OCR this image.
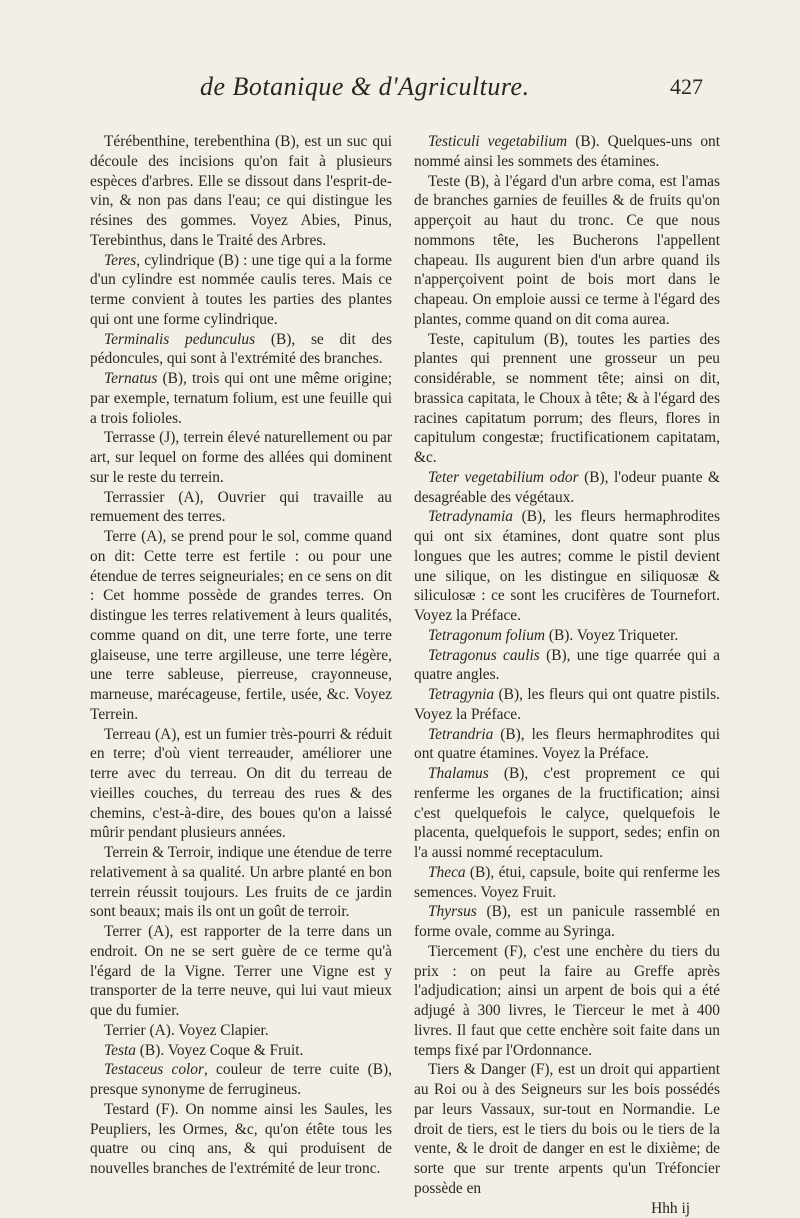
de Botanique & d'Agriculture.	427

Térébenthine, terebenthina (B), est un suc qui découle des incisions qu'on fait à plusieurs espèces d'arbres. Elle se dissout dans l'esprit-de-vin, & non pas dans l'eau; ce qui distingue les résines des gommes. Voyez Abies, Pinus, Terebinthus, dans le Traité des Arbres.

Teres, cylindrique (B) : une tige qui a la forme d'un cylindre est nommée caulis teres. Mais ce terme convient à toutes les parties des plantes qui ont une forme cylindrique.

Terminalis pedunculus (B), se dit des pédoncules, qui sont à l'extrémité des branches.

Ternatus (B), trois qui ont une même origine; par exemple, ternatum folium, est une feuille qui a trois folioles.

Terrasse (J), terrein élevé naturellement ou par art, sur lequel on forme des allées qui dominent sur le reste du terrein.

Terrassier (A), Ouvrier qui travaille au remuement des terres.

Terre (A), se prend pour le sol, comme quand on dit: Cette terre est fertile : ou pour une étendue de terres seigneuriales; en ce sens on dit : Cet homme possède de grandes terres. On distingue les terres relativement à leurs qualités, comme quand on dit, une terre forte, une terre glaiseuse, une terre argilleuse, une terre légère, une terre sableuse, pierreuse, crayonneuse, marneuse, marécageuse, fertile, usée, &c. Voyez Terrein.

Terreau (A), est un fumier très-pourri & réduit en terre; d'où vient terreauder, améliorer une terre avec du terreau. On dit du terreau de vieilles couches, du terreau des rues & des chemins, c'est-à-dire, des boues qu'on a laissé mûrir pendant plusieurs années.

Terrein & Terroir, indique une étendue de terre relativement à sa qualité. Un arbre planté en bon terrein réussit toujours. Les fruits de ce jardin sont beaux; mais ils ont un goût de terroir.

Terrer (A), est rapporter de la terre dans un endroit. On ne se sert guère de ce terme qu'à l'égard de la Vigne. Terrer une Vigne est y transporter de la terre neuve, qui lui vaut mieux que du fumier.

Terrier (A). Voyez Clapier.

Testa (B). Voyez Coque & Fruit.

Testaceus color, couleur de terre cuite (B), presque synonyme de ferrugineus.

Testard (F). On nomme ainsi les Saules, les Peupliers, les Ormes, &c, qu'on étête tous les quatre ou cinq ans, & qui produisent de nouvelles branches de l'extrémité de leur tronc.

Testiculi vegetabilium (B). Quelques-uns ont nommé ainsi les sommets des étamines.

Teste (B), à l'égard d'un arbre coma, est l'amas de branches garnies de feuilles & de fruits qu'on apperçoit au haut du tronc. Ce que nous nommons tête, les Bucherons l'appellent chapeau. Ils augurent bien d'un arbre quand ils n'apperçoivent point de bois mort dans le chapeau. On emploie aussi ce terme à l'égard des plantes, comme quand on dit coma aurea.

Teste, capitulum (B), toutes les parties des plantes qui prennent une grosseur un peu considérable, se nomment tête; ainsi on dit, brassica capitata, le Choux à tête; & à l'égard des racines capitatum porrum; des fleurs, flores in capitulum congestæ; fructificationem capitatam, &c.

Teter vegetabilium odor (B), l'odeur puante & desagréable des végétaux.

Tetradynamia (B), les fleurs hermaphrodites qui ont six étamines, dont quatre sont plus longues que les autres; comme le pistil devient une silique, on les distingue en siliquosæ & siliculosæ : ce sont les crucifères de Tournefort. Voyez la Préface.

Tetragonum folium (B). Voyez Triqueter.

Tetragonus caulis (B), une tige quarrée qui a quatre angles.

Tetragynia (B), les fleurs qui ont quatre pistils. Voyez la Préface.

Tetrandria (B), les fleurs hermaphrodites qui ont quatre étamines. Voyez la Préface.

Thalamus (B), c'est proprement ce qui renferme les organes de la fructification; ainsi c'est quelquefois le calyce, quelquefois le placenta, quelquefois le support, sedes; enfin on l'a aussi nommé receptaculum.

Theca (B), étui, capsule, boite qui renferme les semences. Voyez Fruit.

Thyrsus (B), est un panicule rassemblé en forme ovale, comme au Syringa.

Tiercement (F), c'est une enchère du tiers du prix : on peut la faire au Greffe après l'adjudication; ainsi un arpent de bois qui a été adjugé à 300 livres, le Tierceur le met à 400 livres. Il faut que cette enchère soit faite dans un temps fixé par l'Ordonnance.

Tiers & Danger (F), est un droit qui appartient au Roi ou à des Seigneurs sur les bois possédés par leurs Vassaux, sur-tout en Normandie. Le droit de tiers, est le tiers du bois ou le tiers de la vente, & le droit de danger en est le dixième; de sorte que sur trente arpents qu'un Tréfoncier possède en

Hhh ij
